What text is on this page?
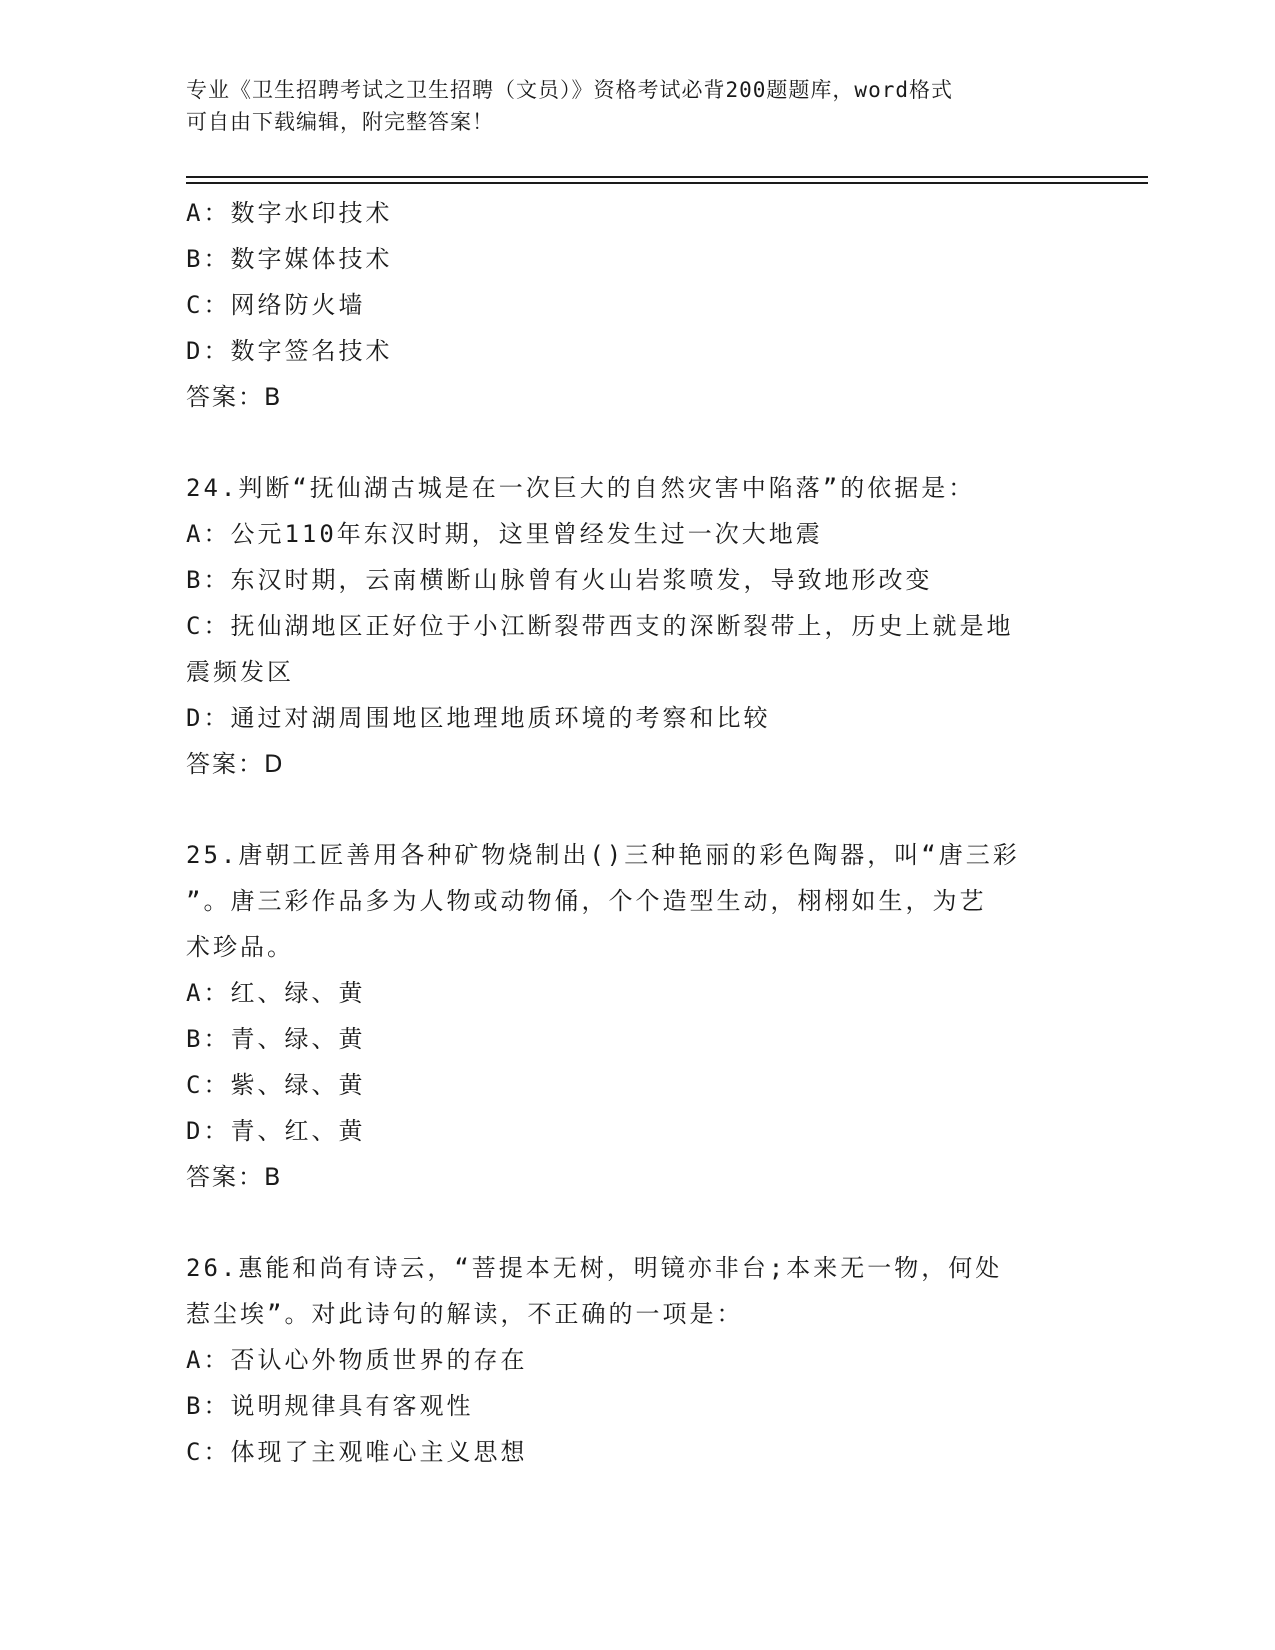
专业《卫生招聘考试之卫生招聘（文员）》资格考试必背200题题库，word格式
可自由下载编辑，附完整答案！
A：数字水印技术
B：数字媒体技术
C：网络防火墙
D：数字签名技术
答案：B
24.判断“抚仙湖古城是在一次巨大的自然灾害中陷落”的依据是：
A：公元110年东汉时期，这里曾经发生过一次大地震
B：东汉时期，云南横断山脉曾有火山岩浆喷发，导致地形改变
C：抚仙湖地区正好位于小江断裂带西支的深断裂带上，历史上就是地
震频发区
D：通过对湖周围地区地理地质环境的考察和比较
答案：D
25.唐朝工匠善用各种矿物烧制出()三种艳丽的彩色陶器，叫“唐三彩
”。唐三彩作品多为人物或动物俑，个个造型生动，栩栩如生，为艺
术珍品。
A：红、绿、黄
B：青、绿、黄
C：紫、绿、黄
D：青、红、黄
答案：B
26.惠能和尚有诗云，“菩提本无树，明镜亦非台;本来无一物，何处
惹尘埃”。对此诗句的解读，不正确的一项是：
A：否认心外物质世界的存在
B：说明规律具有客观性
C：体现了主观唯心主义思想
